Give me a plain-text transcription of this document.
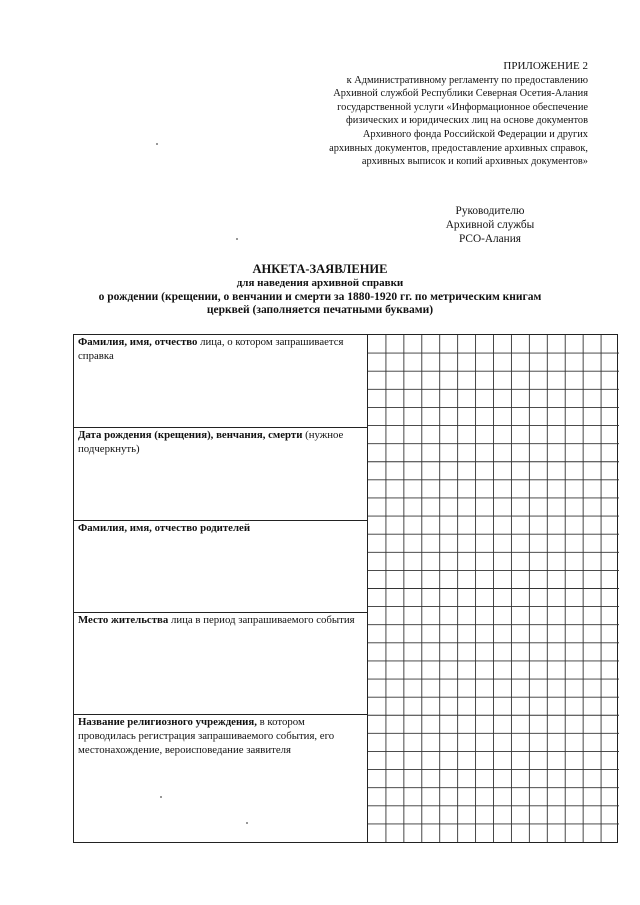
ПРИЛОЖЕНИЕ 2
к Административному регламенту по предоставлению
Архивной службой Республики Северная Осетия-Алания
государственной услуги «Информационное обеспечение
физических и юридических лиц на основе документов
Архивного фонда Российской Федерации и других
архивных документов, предоставление архивных справок,
архивных выписок и копий архивных документов»
Руководителю
Архивной службы
РСО-Алания
АНКЕТА-ЗАЯВЛЕНИЕ
для наведения архивной справки
о рождении (крещении, о венчании и смерти за 1880-1920 гг. по метрическим книгам
церквей (заполняется печатными буквами)
Фамилия, имя, отчество лица, о котором запрашивается справка
Дата рождения (крещения), венчания, смерти (нужное подчеркнуть)
Фамилия, имя, отчество родителей
Место жительства лица в период запрашиваемого события
Название религиозного учреждения, в котором проводилась регистрация запрашиваемого события, его местонахождение, вероисповедание заявителя
